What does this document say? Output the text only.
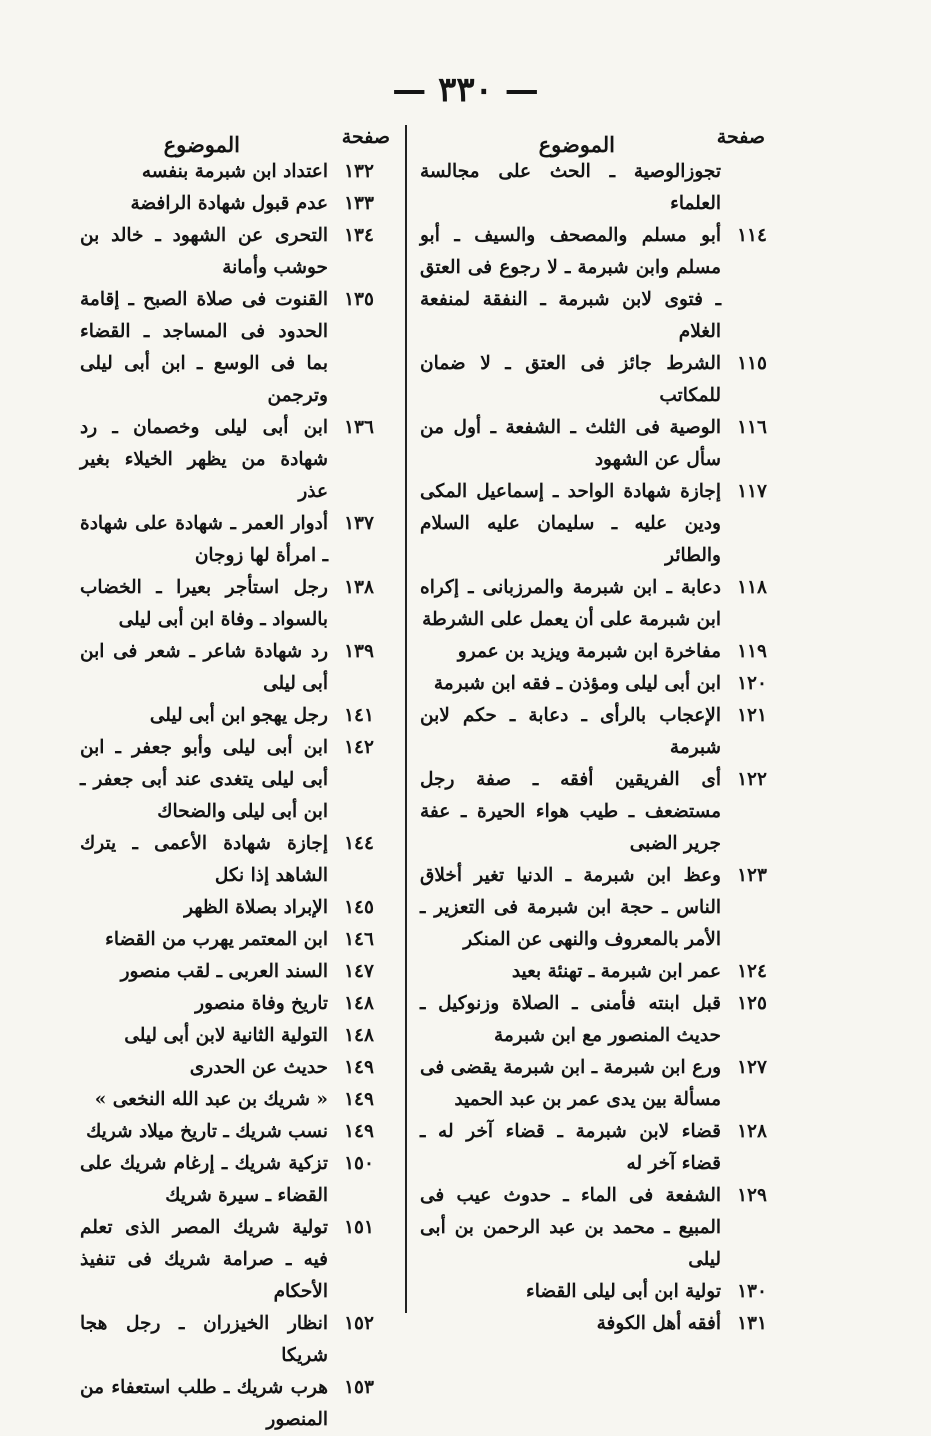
— ٣٣٠ —
صفحة
الموضوع
تجوزالوصية ـ الحث على مجالسة العلماء
١١٤
أبو مسلم والمصحف والسيف ـ أبو مسلم وابن شبرمة ـ لا رجوع فى العتق ـ فتوى لابن شبرمة ـ النفقة لمنفعة الغلام
١١٥
الشرط جائز فى العتق ـ لا ضمان للمكاتب
١١٦
الوصية فى الثلث ـ الشفعة ـ أول من سأل عن الشهود
١١٧
إجازة شهادة الواحد ـ إسماعيل المكى ودين عليه ـ سليمان عليه السلام والطائر
١١٨
دعابة ـ ابن شبرمة والمرزبانى ـ إكراه ابن شبرمة على أن يعمل على الشرطة
١١٩
مفاخرة ابن شبرمة ويزيد بن عمرو
١٢٠
ابن أبى ليلى ومؤذن ـ فقه ابن شبرمة
١٢١
الإعجاب بالرأى ـ دعابة ـ حكم لابن شبرمة
١٢٢
أى الفريقين أفقه ـ صفة رجل مستضعف ـ طيب هواء الحيرة ـ عفة جرير الضبى
١٢٣
وعظ ابن شبرمة ـ الدنيا تغير أخلاق الناس ـ حجة ابن شبرمة فى التعزير ـ الأمر بالمعروف والنهى عن المنكر
١٢٤
عمر ابن شبرمة ـ تهنئة بعيد
١٢٥
قبل ابنته فأمنى ـ الصلاة وزنوكيل ـ حديث المنصور مع ابن شبرمة
١٢٧
ورع ابن شبرمة ـ ابن شبرمة يقضى فى مسألة بين يدى عمر بن عبد الحميد
١٢٨
قضاء لابن شبرمة ـ قضاء آخر له ـ قضاء آخر له
١٢٩
الشفعة فى الماء ـ حدوث عيب فى المبيع ـ محمد بن عبد الرحمن بن أبى ليلى
١٣٠
تولية ابن أبى ليلى القضاء
١٣١
أفقه أهل الكوفة
صفحة
الموضوع
١٣٢
اعتداد ابن شبرمة بنفسه
١٣٣
عدم قبول شهادة الرافضة
١٣٤
التحرى عن الشهود ـ خالد بن حوشب وأمانة
١٣٥
القنوت فى صلاة الصبح ـ إقامة الحدود فى المساجد ـ القضاء بما فى الوسع ـ ابن أبى ليلى وترجمن
١٣٦
ابن أبى ليلى وخصمان ـ رد شهادة من يظهر الخيلاء بغير عذر
١٣٧
أدوار العمر ـ شهادة على شهادة ـ امرأة لها زوجان
١٣٨
رجل استأجر بعيرا ـ الخضاب بالسواد ـ وفاة ابن أبى ليلى
١٣٩
رد شهادة شاعر ـ شعر فى ابن أبى ليلى
١٤١
رجل يهجو ابن أبى ليلى
١٤٢
ابن أبى ليلى وأبو جعفر ـ ابن أبى ليلى يتغدى عند أبى جعفر ـ ابن أبى ليلى والضحاك
١٤٤
إجازة شهادة الأعمى ـ يترك الشاهد إذا نكل
١٤٥
الإبراد بصلاة الظهر
١٤٦
ابن المعتمر يهرب من القضاء
١٤٧
السند العربى ـ لقب منصور
١٤٨
تاريخ وفاة منصور
١٤٨
التولية الثانية لابن أبى ليلى
١٤٩
حديث عن الحدرى
١٤٩
« شريك بن عبد الله النخعى »
١٤٩
نسب شريك ـ تاريخ ميلاد شريك
١٥٠
تزكية شريك ـ إرغام شريك على القضاء ـ سيرة شريك
١٥١
تولية شريك المصر الذى تعلم فيه ـ صرامة شريك فى تنفيذ الأحكام
١٥٢
انظار الخيزران ـ رجل هجا شريكا
١٥٣
هرب شريك ـ طلب استعفاء من المنصور
